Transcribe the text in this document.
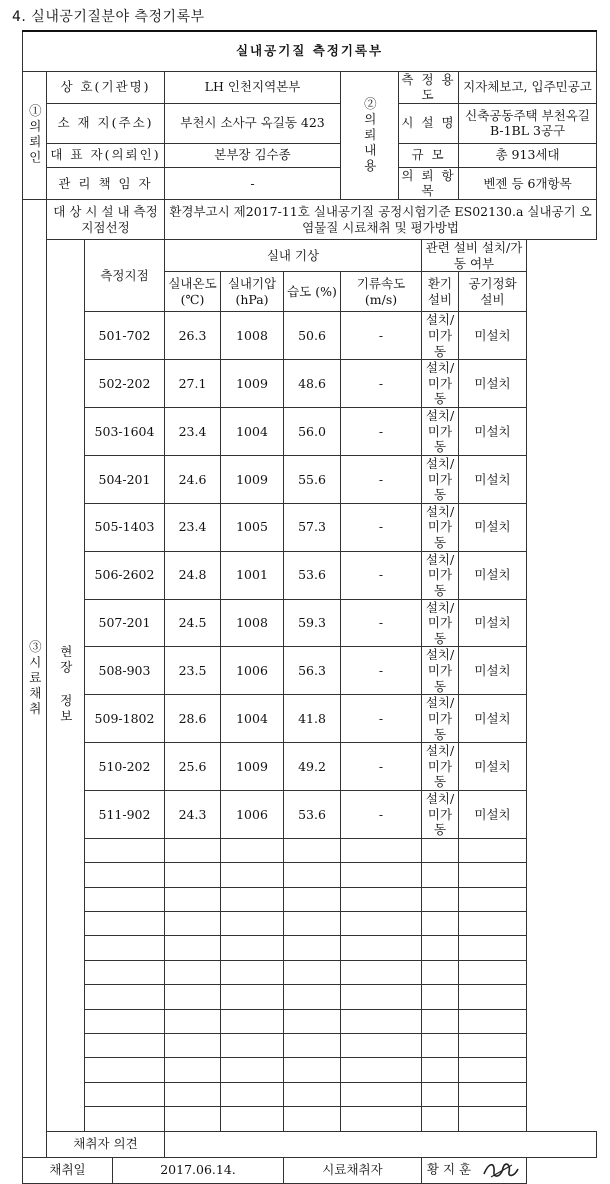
4. 실내공기질분야 측정기록부
실내공기질 측정기록부										
①의뢰인	상 호(기관명)			LH 인천지역본부			②의뢰내용	측 정 용 도		지자체보고, 입주민공고
	소 재 지(주소)			부천시 소사구 옥길동 423				시 설 명		신축공동주택 부천옥길 B-1BL 3공구
	대 표 자(의뢰인)			본부장 김수종				규 모		총 913세대
	관 리 책 임 자			-				의 뢰 항 목		벤젠 등 6개항목
③시료채취	대 상 시 설 내 측정지점선정			환경부고시 제2017-11호 실내공기질 공정시험기준 ES02130.a 실내공기 오염물질 시료채취 및 평가방법						
	현장 정보	측정지점		실내 기상					관련 설비 설치/가동 여부	
				실내온도 (℃)	실내기압 (hPa)	습도 (%)	기류속도 (m/s)		환기설비	공기정화 설비
		501-702		26.3	1008	50.6	-		설치/미가동	미설치
		502-202		27.1	1009	48.6	-		설치/미가동	미설치
		503-1604		23.4	1004	56.0	-		설치/미가동	미설치
		504-201		24.6	1009	55.6	-		설치/미가동	미설치
		505-1403		23.4	1005	57.3	-		설치/미가동	미설치
		506-2602		24.8	1001	53.6	-		설치/미가동	미설치
		507-201		24.5	1008	59.3	-		설치/미가동	미설치
		508-903		23.5	1006	56.3	-		설치/미가동	미설치
		509-1802		28.6	1004	41.8	-		설치/미가동	미설치
		510-202		25.6	1009	49.2	-		설치/미가동	미설치
		511-902		24.3	1006	53.6	-		설치/미가동	미설치

	채취자 의견									
채취일			2017.06.14.			시료채취자			황 지 훈	
